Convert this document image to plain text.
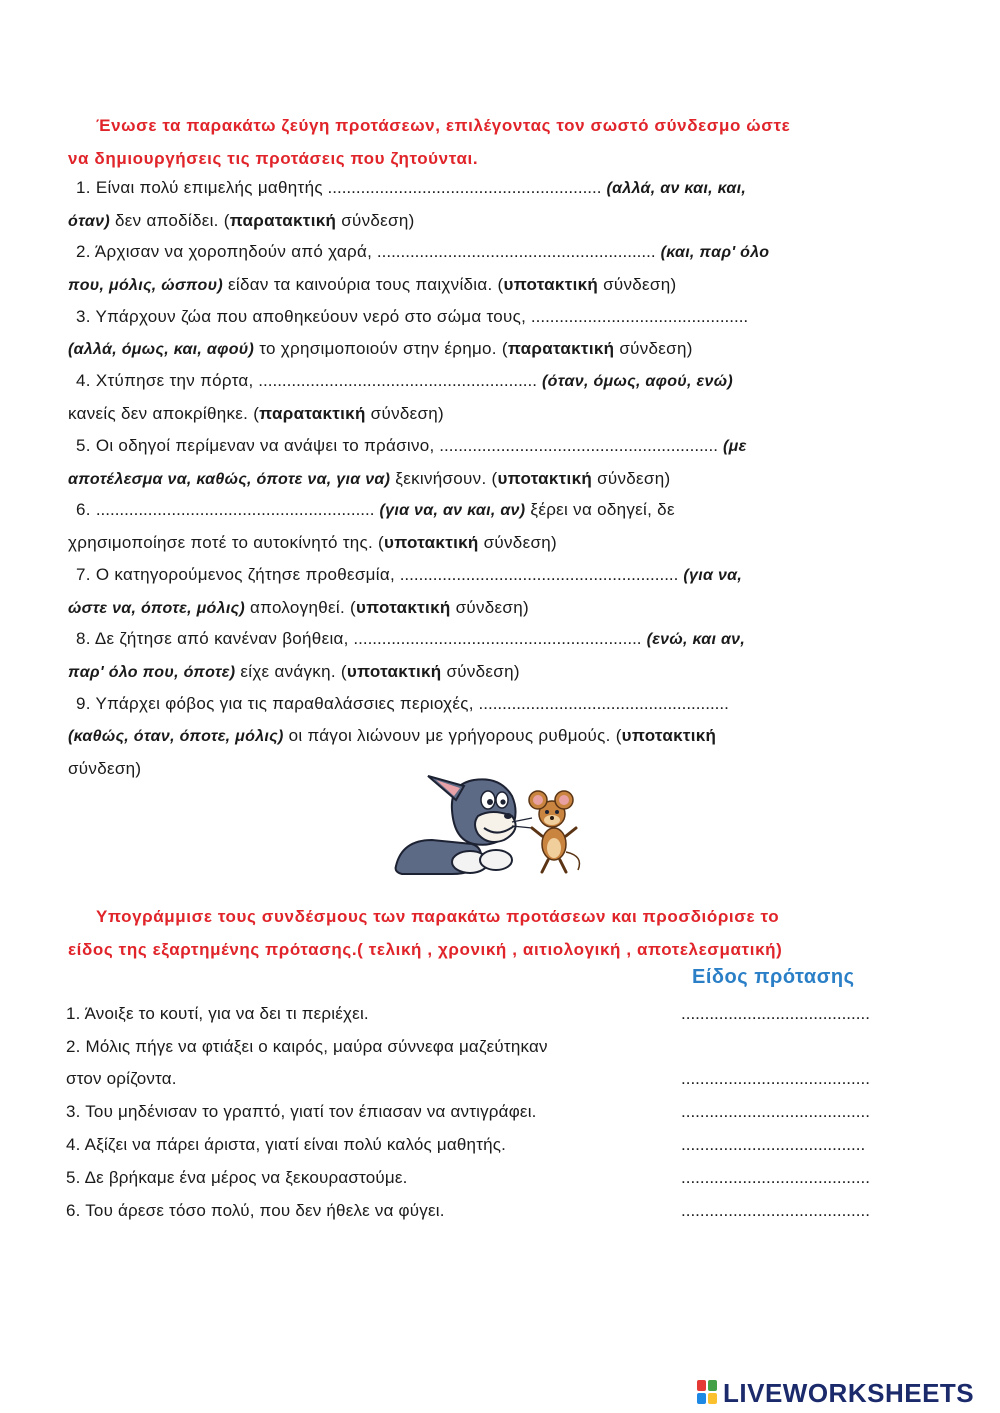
Ένωσε τα παρακάτω ζεύγη προτάσεων, επιλέγοντας τον σωστό σύνδεσμο ώστε
να δημιουργήσεις τις προτάσεις που ζητούνται.
1. Είναι πολύ επιμελής μαθητής .......................................................... (αλλά, αν και, και,
όταν) δεν αποδίδει. (παρατακτική σύνδεση)
2. Άρχισαν να χοροπηδούν από χαρά, ........................................................... (και, παρ' όλο
που, μόλις, ώσπου) είδαν τα καινούρια τους παιχνίδια. (υποτακτική σύνδεση)
3. Υπάρχουν ζώα που αποθηκεύουν νερό στο σώμα τους, ..............................................
(αλλά, όμως, και, αφού) το χρησιμοποιούν στην έρημο. (παρατακτική σύνδεση)
4. Χτύπησε την πόρτα, ........................................................... (όταν, όμως, αφού, ενώ)
κανείς δεν αποκρίθηκε. (παρατακτική σύνδεση)
5. Οι οδηγοί περίμεναν να ανάψει το πράσινο, ........................................................... (με
αποτέλεσμα να, καθώς, όποτε να, για να) ξεκινήσουν. (υποτακτική σύνδεση)
6. ........................................................... (για να, αν και, αν) ξέρει να οδηγεί, δε
χρησιμοποίησε ποτέ το αυτοκίνητό της. (υποτακτική σύνδεση)
7. Ο κατηγορούμενος ζήτησε προθεσμία, ........................................................... (για να,
ώστε να, όποτε, μόλις) απολογηθεί. (υποτακτική σύνδεση)
8. Δε ζήτησε από κανέναν βοήθεια, ............................................................. (ενώ, και αν,
παρ' όλο που, όποτε) είχε ανάγκη. (υποτακτική σύνδεση)
9. Υπάρχει φόβος για τις παραθαλάσσιες περιοχές, .....................................................
(καθώς, όταν, όποτε, μόλις) οι πάγοι λιώνουν με γρήγορους ρυθμούς. (υποτακτική
σύνδεση)
Υπογράμμισε τους συνδέσμους των παρακάτω προτάσεων και προσδιόρισε το
είδος της εξαρτημένης πρότασης.( τελική , χρονική , αιτιολογική , αποτελεσματική)
Είδος πρότασης
1. Άνοιξε το κουτί, για να δει τι περιέχει.	........................................
2. Μόλις πήγε να φτιάξει ο καιρός, μαύρα σύννεφα μαζεύτηκαν
στον ορίζοντα.	........................................
3. Του μηδένισαν το γραπτό, γιατί τον έπιασαν να αντιγράφει.	........................................
4. Αξίζει να πάρει άριστα, γιατί είναι πολύ καλός μαθητής.	.......................................
5. Δε βρήκαμε ένα μέρος να ξεκουραστούμε.	........................................
6. Του άρεσε τόσο πολύ, που δεν ήθελε να φύγει.	........................................
LIVEWORKSHEETS
